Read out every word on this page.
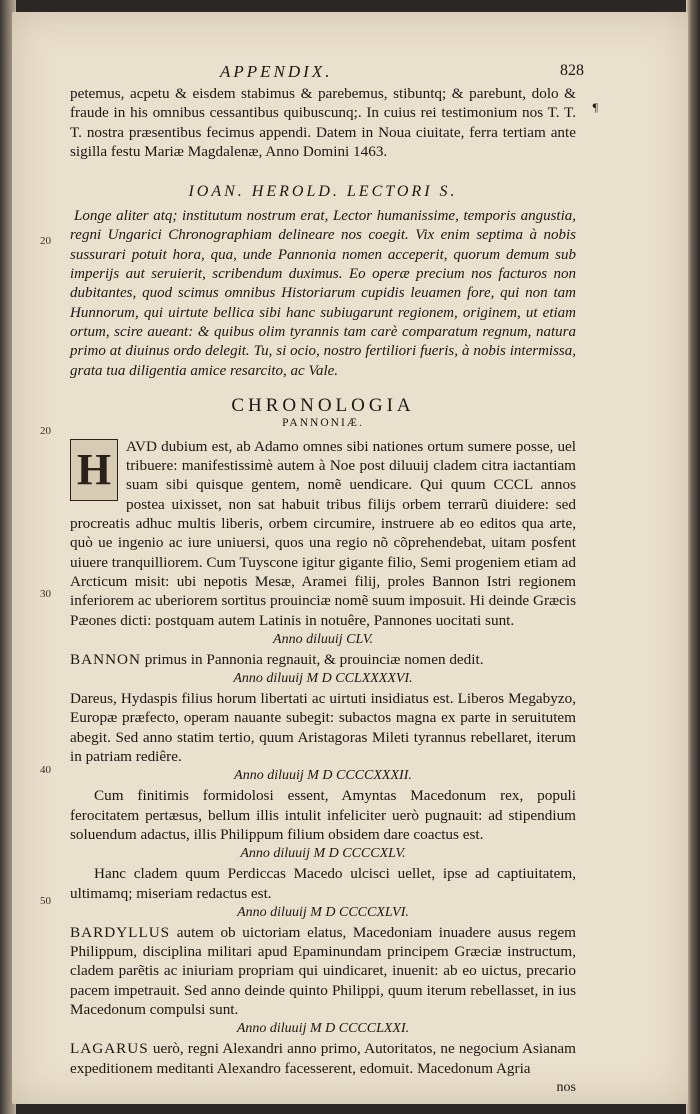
20
20
30
40
50
APPENDIX.	828
¶

petemus, acpetu & eisdem stabimus & parebemus, stibuntq; & parebunt, dolo & fraude in his omnibus cessantibus quibuscunq;. In cuius rei testimonium nos T. T. T. nostra præsentibus fecimus appendi. Datem in Noua ciuitate, ferra tertiam ante sigilla festu Mariæ Magdalenæ, Anno Domini 1463.

IOAN. HEROLD. LECTORI S.

Longe aliter atq; institutum nostrum erat, Lector humanissime, temporis angustia, regni Ungarici Chronographiam delineare nos coegit. Vix enim septima à nobis sussurari potuit hora, qua, unde Pannonia nomen acceperit, quorum demum sub imperijs aut seruierit, scribendum duximus. Eo operæ precium nos facturos non dubitantes, quod scimus omnibus Historiarum cupidis leuamen fore, qui non tam Hunnorum, qui uirtute bellica sibi hanc subiugarunt regionem, originem, ut etiam ortum, scire aueant: & quibus olim tyrannis tam carè comparatum regnum, natura primo at diuinus ordo delegit. Tu, si ocio, nostro fertiliori fueris, à nobis intermissa, grata tua diligentia amice resarcito, ac Vale.

CHRONOLOGIA

PANNONIÆ.

H AVD dubium est, ab Adamo omnes sibi nationes ortum sumere posse, uel tribuere: manifestissimè autem à Noe post diluuij cladem citra iactantiam suam sibi quisque gentem, nomẽ uendicare. Qui quum CCCL annos postea uixisset, non sat habuit tribus filijs orbem terrarũ diuidere: sed procreatis adhuc multis liberis, orbem circumire, instruere ab eo editos qua arte, quò ue ingenio ac iure uniuersi, quos una regio nõ cõprehendebat, uitam posfent uiuere tranquilliorem. Cum Tuyscone igitur gigante filio, Semi progeniem etiam ad Arcticum misit: ubi nepotis Mesæ, Aramei filij, proles Bannon Istri regionem inferiorem ac uberiorem sortitus prouinciæ nomẽ suum imposuit. Hi deinde Græcis Pæones dicti: postquam autem Latinis in notuêre, Pannones uocitati sunt.

Anno diluuij CLV.

BANNON primus in Pannonia regnauit, & prouinciæ nomen dedit.

Anno diluuij M D CCLXXXXVI.

Dareus, Hydaspis filius horum libertati ac uirtuti insidiatus est. Liberos Megabyzo, Europæ præfecto, operam nauante subegit: subactos magna ex parte in seruitutem abegit. Sed anno statim tertio, quum Aristagoras Mileti tyrannus rebellaret, iterum in patriam rediêre.

Anno diluuij M D CCCCXXXII.

Cum finitimis formidolosi essent, Amyntas Macedonum rex, populi ferocitatem pertæsus, bellum illis intulit infeliciter uerò pugnauit: ad stipendium soluendum adactus, illis Philippum filium obsidem dare coactus est.

Anno diluuij M D CCCCXLV.

Hanc cladem quum Perdiccas Macedo ulcisci uellet, ipse ad captiuitatem, ultimamq; miseriam redactus est.

Anno diluuij M D CCCCXLVI.

BARDYLLUS autem ob uictoriam elatus, Macedoniam inuadere ausus regem Philippum, disciplina militari apud Epaminundam principem Græciæ instructum, cladem parẽtis ac iniuriam propriam qui uindicaret, inuenit: ab eo uictus, precario pacem impetrauit. Sed anno deinde quinto Philippi, quum iterum rebellasset, in ius Macedonum compulsi sunt.

Anno diluuij M D CCCCLXXI.

LAGARUS uerò, regni Alexandri anno primo, Autoritatos, ne negocium Asianam expeditionem meditanti Alexandro facesserent, edomuit. Macedonum Agria

nos
